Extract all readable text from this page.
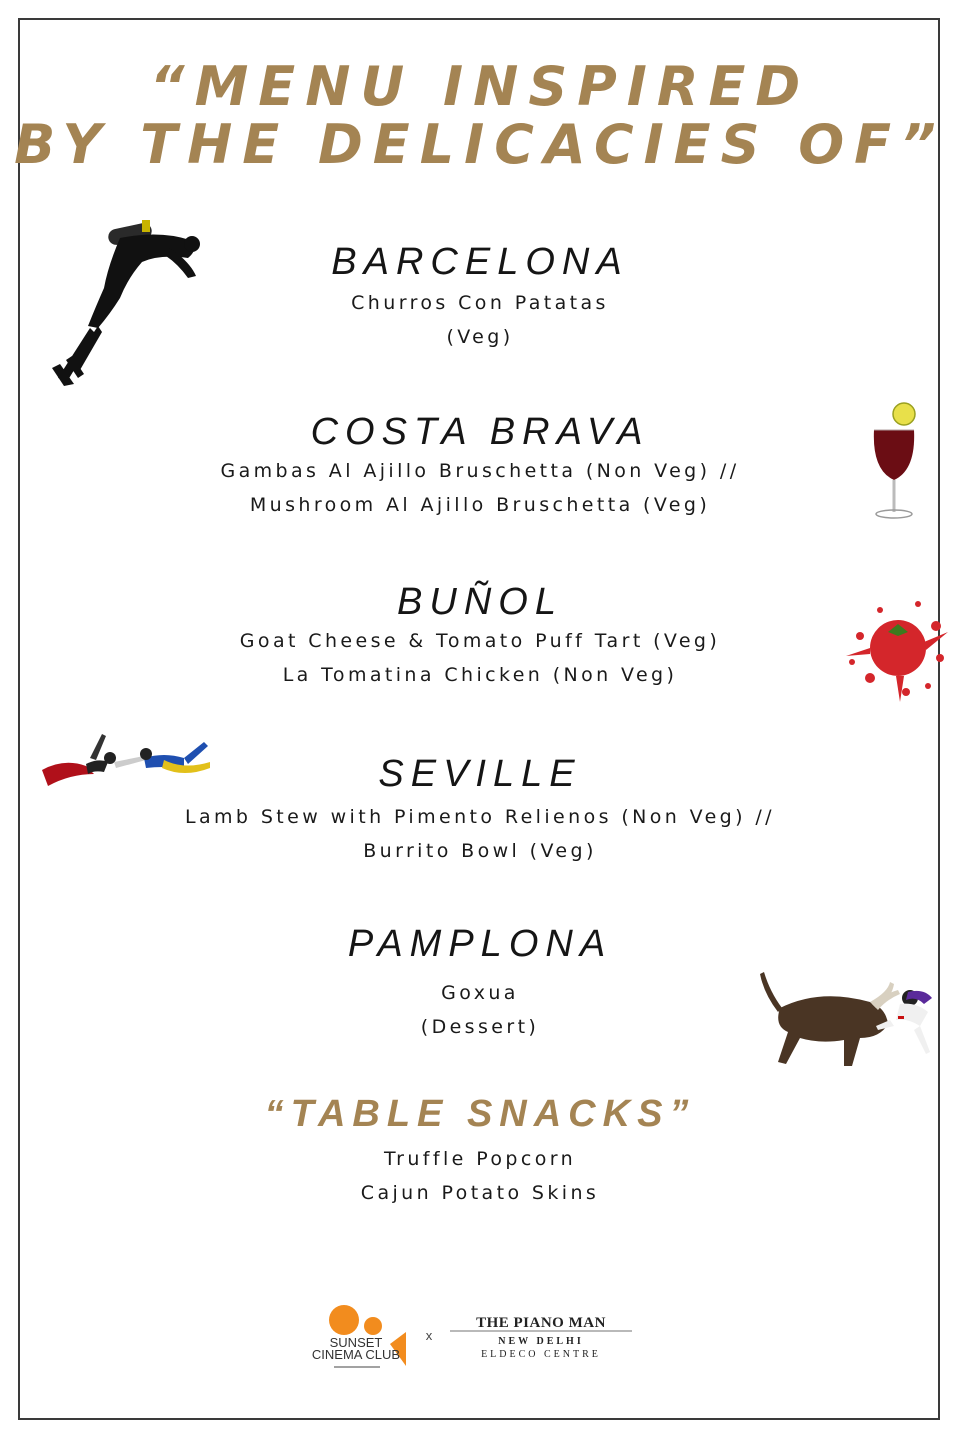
“MENU INSPIRED
BY THE DELICACIES OF”
BARCELONA
Churros Con Patatas
(Veg)
COSTA BRAVA
Gambas Al Ajillo Bruschetta (Non Veg) //
Mushroom Al Ajillo Bruschetta (Veg)
BUÑOL
Goat Cheese & Tomato Puff Tart (Veg)
La Tomatina Chicken (Non Veg)
SEVILLE
Lamb Stew with Pimento Relienos (Non Veg) //
Burrito Bowl (Veg)
PAMPLONA
Goxua
(Dessert)
“TABLE SNACKS”
Truffle Popcorn
Cajun Potato Skins
SUNSET
CINEMA CLUB
x
THE PIANO MAN
NEW DELHI
ELDECO CENTRE
